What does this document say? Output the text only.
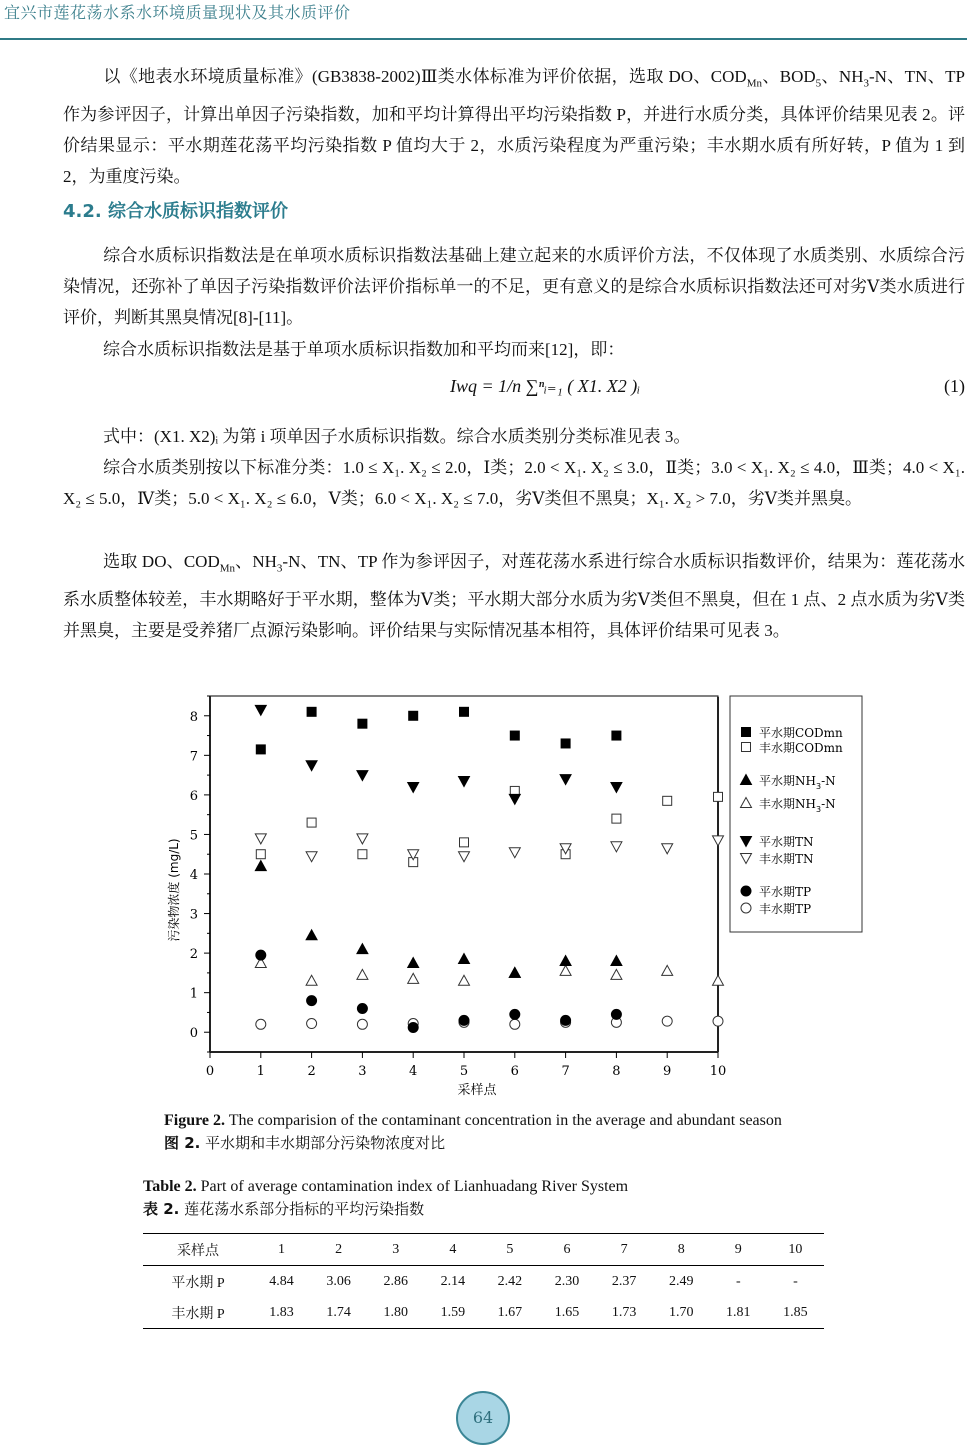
宜兴市莲花荡水系水环境质量现状及其水质评价
以《地表水环境质量标准》(GB3838-2002)Ⅲ类水体标准为评价依据，选取 DO、$COD_{Mn}$、$BOD_5$、$NH_3-N$、TN、TP 作为参评因子，计算出单因子污染指数，加和平均计算得出平均污染指数 P，并进行水质分类，具体评价结果见表 2。评价结果显示：平水期莲花荡平均污染指数 P 值均大于 2，水质污染程度为严重污染；丰水期水质有所好转，P 值为 1 到 2，为重度污染。
4.2. 综合水质标识指数评价
综合水质标识指数法是在单项水质标识指数法基础上建立起来的水质评价方法，不仅体现了水质类别、水质综合污染情况，还弥补了单因子污染指数评价法评价指标单一的不足，更有意义的是综合水质标识指数法还可对劣Ⅴ类水质进行评价，判断其黑臭情况[8]-[11]。
综合水质标识指数法是基于单项水质标识指数加和平均而来[12]，即：
Iwq = 1/n ∑ⁿᵢ₌₁ ( X1. X2 )ᵢ	(1)
式中：(X1. X2)ᵢ 为第 i 项单因子水质标识指数。综合水质类别分类标准见表 3。
综合水质类别按以下标准分类：1.0 ≤ X₁. X₂ ≤ 2.0，Ⅰ类；2.0 < X₁. X₂ ≤ 3.0，Ⅱ类；3.0 < X₁. X₂ ≤ 4.0，Ⅲ类；4.0 < X₁. X₂ ≤ 5.0，Ⅳ类；5.0 < X₁. X₂ ≤ 6.0，Ⅴ类；6.0 < X₁. X₂ ≤ 7.0，劣Ⅴ类但不黑臭；X₁. X₂ > 7.0，劣Ⅴ类并黑臭。
选取 DO、$COD_{Mn}$、$NH_3-N$、TN、TP 作为参评因子，对莲花荡水系进行综合水质标识指数评价，结果为：莲花荡水系水质整体较差，丰水期略好于平水期，整体为Ⅴ类；平水期大部分水质为劣Ⅴ类但不黑臭，但在 1 点、2 点水质为劣Ⅴ类并黑臭，主要是受养猪厂点源污染影响。评价结果与实际情况基本相符，具体评价结果可见表 3。
0	1	2	3	4	5	6	7	8	9	10
0
1
2
3
4
5
6
7
8
采样点
污染物浓度 (mg/L)
平水期CODmn
丰水期CODmn
平水期$NH_3-N$
丰水期$NH_3-N$
平水期TN
丰水期TN
平水期TP
丰水期TP
Figure 2. The comparision of the contaminant concentration in the average and abundant season
图 2. 平水期和丰水期部分污染物浓度对比
Table 2. Part of average contamination index of Lianhuadang River System
表 2. 莲花荡水系部分指标的平均污染指数
采样点	1	2	3	4	5	6	7	8	9	10
平水期 P	4.84	3.06	2.86	2.14	2.42	2.30	2.37	2.49	-	-
丰水期 P	1.83	1.74	1.80	1.59	1.67	1.65	1.73	1.70	1.81	1.85
64
